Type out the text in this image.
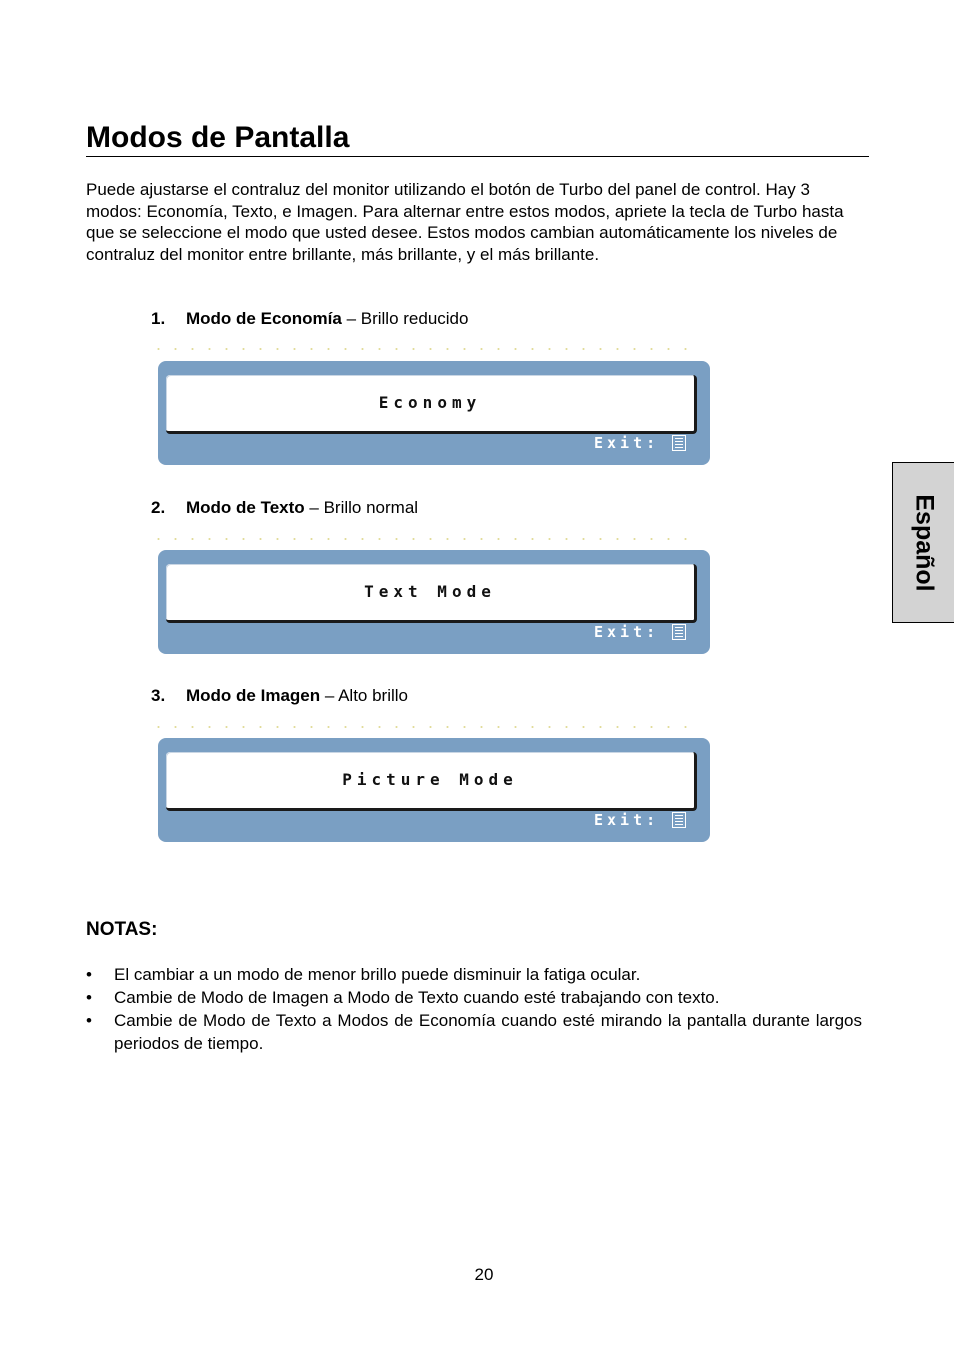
Modos de Pantalla

Puede ajustarse el contraluz del monitor utilizando el botón de Turbo del panel de control. Hay 3 modos: Economía, Texto, e Imagen. Para alternar entre estos modos, apriete la tecla de Turbo hasta que se seleccione el modo que usted desee. Estos modos cambian automáticamente los niveles de contraluz del monitor entre brillante, más brillante, y el más brillante.

1. Modo de Economía – Brillo reducido
Economy
Exit:
2. Modo de Texto – Brillo normal
Text Mode
Exit:
3. Modo de Imagen – Alto brillo
Picture Mode
Exit:
NOTAS:
• El cambiar a un modo de menor brillo puede disminuir la fatiga ocular.
• Cambie de Modo de Imagen a Modo de Texto cuando esté trabajando con texto.
• Cambie de Modo de Texto a Modos de Economía cuando esté mirando la pantalla durante largos periodos de tiempo.
Español
20
